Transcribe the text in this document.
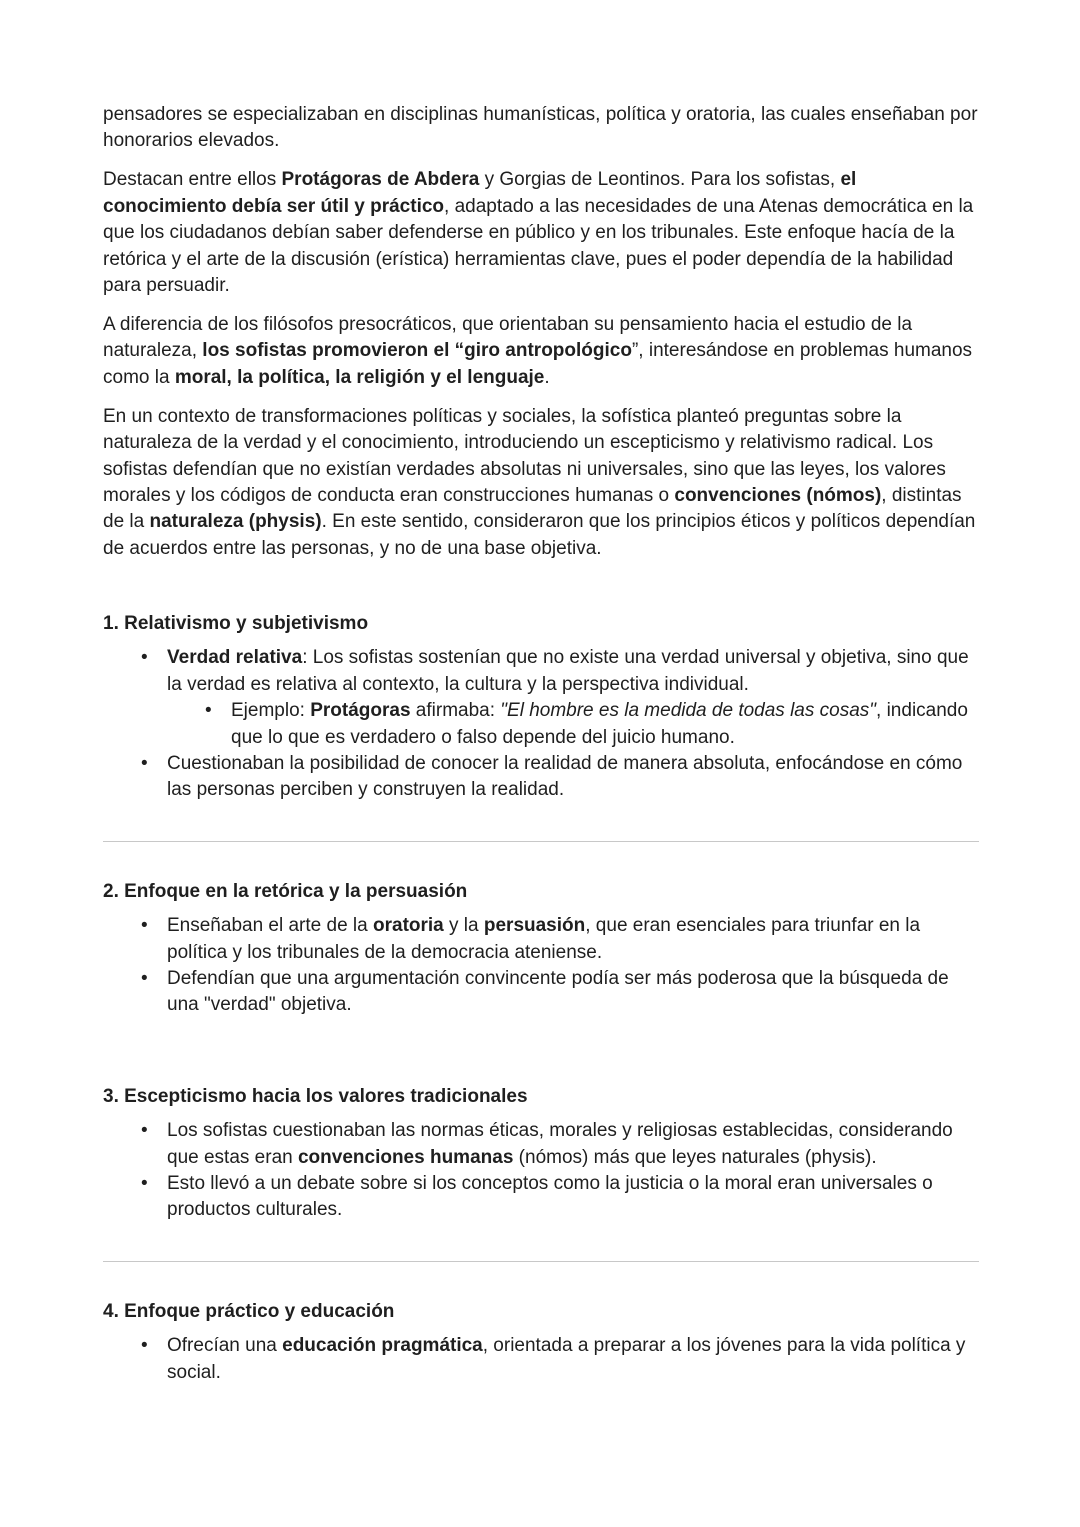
pensadores se especializaban en disciplinas humanísticas, política y oratoria, las cuales enseñaban por honorarios elevados.

Destacan entre ellos Protágoras de Abdera y Gorgias de Leontinos. Para los sofistas, el conocimiento debía ser útil y práctico, adaptado a las necesidades de una Atenas democrática en la que los ciudadanos debían saber defenderse en público y en los tribunales. Este enfoque hacía de la retórica y el arte de la discusión (erística) herramientas clave, pues el poder dependía de la habilidad para persuadir.

A diferencia de los filósofos presocráticos, que orientaban su pensamiento hacia el estudio de la naturaleza, los sofistas promovieron el “giro antropológico”, interesándose en problemas humanos como la moral, la política, la religión y el lenguaje.

En un contexto de transformaciones políticas y sociales, la sofística planteó preguntas sobre la naturaleza de la verdad y el conocimiento, introduciendo un escepticismo y relativismo radical. Los sofistas defendían que no existían verdades absolutas ni universales, sino que las leyes, los valores morales y los códigos de conducta eran construcciones humanas o convenciones (nómos), distintas de la naturaleza (physis). En este sentido, consideraron que los principios éticos y políticos dependían de acuerdos entre las personas, y no de una base objetiva.

1. Relativismo y subjetivismo
• Verdad relativa: Los sofistas sostenían que no existe una verdad universal y objetiva, sino que la verdad es relativa al contexto, la cultura y la perspectiva individual.
• Ejemplo: Protágoras afirmaba: "El hombre es la medida de todas las cosas", indicando que lo que es verdadero o falso depende del juicio humano.
• Cuestionaban la posibilidad de conocer la realidad de manera absoluta, enfocándose en cómo las personas perciben y construyen la realidad.
2. Enfoque en la retórica y la persuasión
• Enseñaban el arte de la oratoria y la persuasión, que eran esenciales para triunfar en la política y los tribunales de la democracia ateniense.
• Defendían que una argumentación convincente podía ser más poderosa que la búsqueda de una "verdad" objetiva.
3. Escepticismo hacia los valores tradicionales
• Los sofistas cuestionaban las normas éticas, morales y religiosas establecidas, considerando que estas eran convenciones humanas (nómos) más que leyes naturales (physis).
• Esto llevó a un debate sobre si los conceptos como la justicia o la moral eran universales o productos culturales.
4. Enfoque práctico y educación
• Ofrecían una educación pragmática, orientada a preparar a los jóvenes para la vida política y social.
